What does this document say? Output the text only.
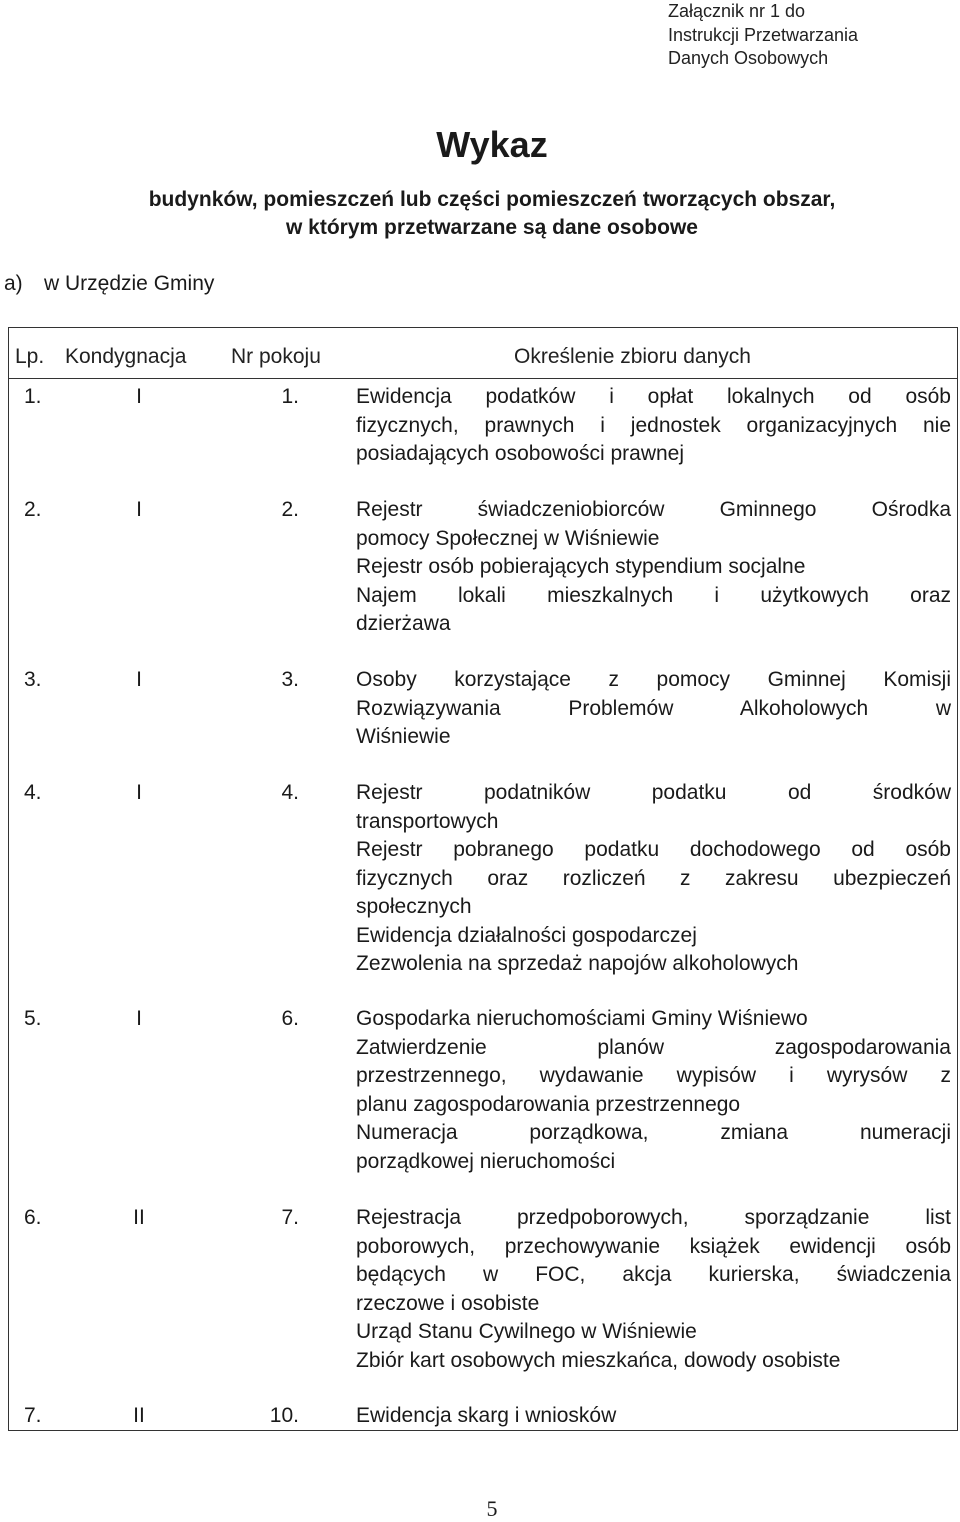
Załącznik nr 1 do
Instrukcji Przetwarzania
Danych Osobowych
Wykaz
budynków, pomieszczeń lub części pomieszczeń tworzących obszar,
w którym przetwarzane są dane osobowe
a) w Urzędzie Gminy
Lp. Kondygnacja Nr pokoju	Określenie zbioru danych
1.	I	1.	Ewidencja podatków i opłat lokalnych od osób
fizycznych, prawnych i jednostek organizacyjnych nie
posiadających osobowości prawnej
2.	I	2.	Rejestr świadczeniobiorców Gminnego Ośrodka
pomocy Społecznej w Wiśniewie
Rejestr osób pobierających stypendium socjalne
Najem lokali mieszkalnych i użytkowych oraz
dzierżawa
3.	I	3.	Osoby korzystające z pomocy Gminnej Komisji
Rozwiązywania Problemów Alkoholowych w
Wiśniewie
4.	I	4.	Rejestr podatników podatku od środków
transportowych
Rejestr pobranego podatku dochodowego od osób
fizycznych oraz rozliczeń z zakresu ubezpieczeń
społecznych
Ewidencja działalności gospodarczej
Zezwolenia na sprzedaż napojów alkoholowych
5.	I	6.	Gospodarka nieruchomościami Gminy Wiśniewo
Zatwierdzenie planów zagospodarowania
przestrzennego, wydawanie wypisów i wyrysów z
planu zagospodarowania przestrzennego
Numeracja porządkowa, zmiana numeracji
porządkowej nieruchomości
6.	II	7.	Rejestracja przedpoborowych, sporządzanie list
poborowych, przechowywanie książek ewidencji osób
będących w FOC, akcja kurierska, świadczenia
rzeczowe i osobiste
Urząd Stanu Cywilnego w Wiśniewie
Zbiór kart osobowych mieszkańca, dowody osobiste
7.	II	10.	Ewidencja skarg i wniosków
5
